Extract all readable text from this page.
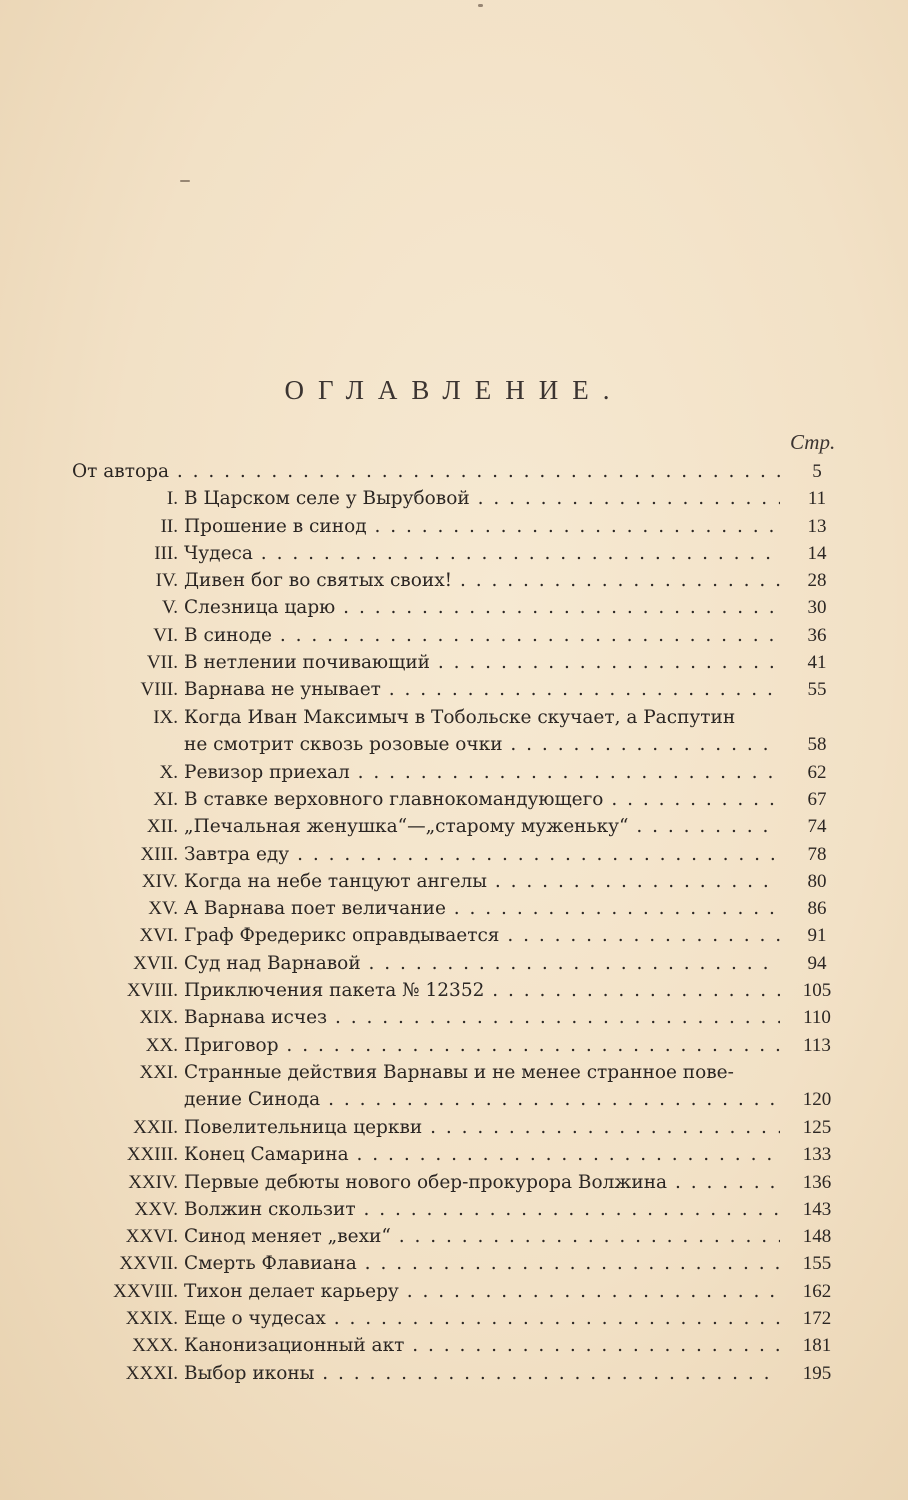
ОГЛАВЛЕНИЕ.
Стр.
От автора . . .	5
I. В Царском селе у Вырубовой . . .	11
II. Прошение в синод . . .	13
III. Чудеса . . .	14
IV. Дивен бог во святых своих! . . .	28
V. Слезница царю . . .	30
VI. В синоде . . .	36
VII. В нетлении почивающий . . .	41
VIII. Варнава не унывает . . .	55
IX. Когда Иван Максимыч в Тобольске скучает, а Распутин
не смотрит сквозь розовые очки . . .	58
X. Ревизор приехал . . .	62
XI. В ставке верховного главнокомандующего . . .	67
XII. „Печальная женушка“—„старому муженьку“ . . .	74
XIII. Завтра еду . . .	78
XIV. Когда на небе танцуют ангелы . . .	80
XV. А Варнава поет величание . . .	86
XVI. Граф Фредерикс оправдывается . . .	91
XVII. Суд над Варнавой . . .	94
XVIII. Приключения пакета № 12352 . . .	105
XIX. Варнава исчез . . .	110
XX. Приговор . . .	113
XXI. Странные действия Варнавы и не менее странное пове-
дение Синода . . .	120
XXII. Повелительница церкви . . .	125
XXIII. Конец Самарина . . .	133
XXIV. Первые дебюты нового обер-прокурора Волжина . . .	136
XXV. Волжин скользит . . .	143
XXVI. Синод меняет „вехи“ . . .	148
XXVII. Смерть Флавиана . . .	155
XXVIII. Тихон делает карьеру . . .	162
XXIX. Еще о чудесах . . .	172
XXX. Канонизационный акт . . .	181
XXXI. Выбор иконы . . .	195
